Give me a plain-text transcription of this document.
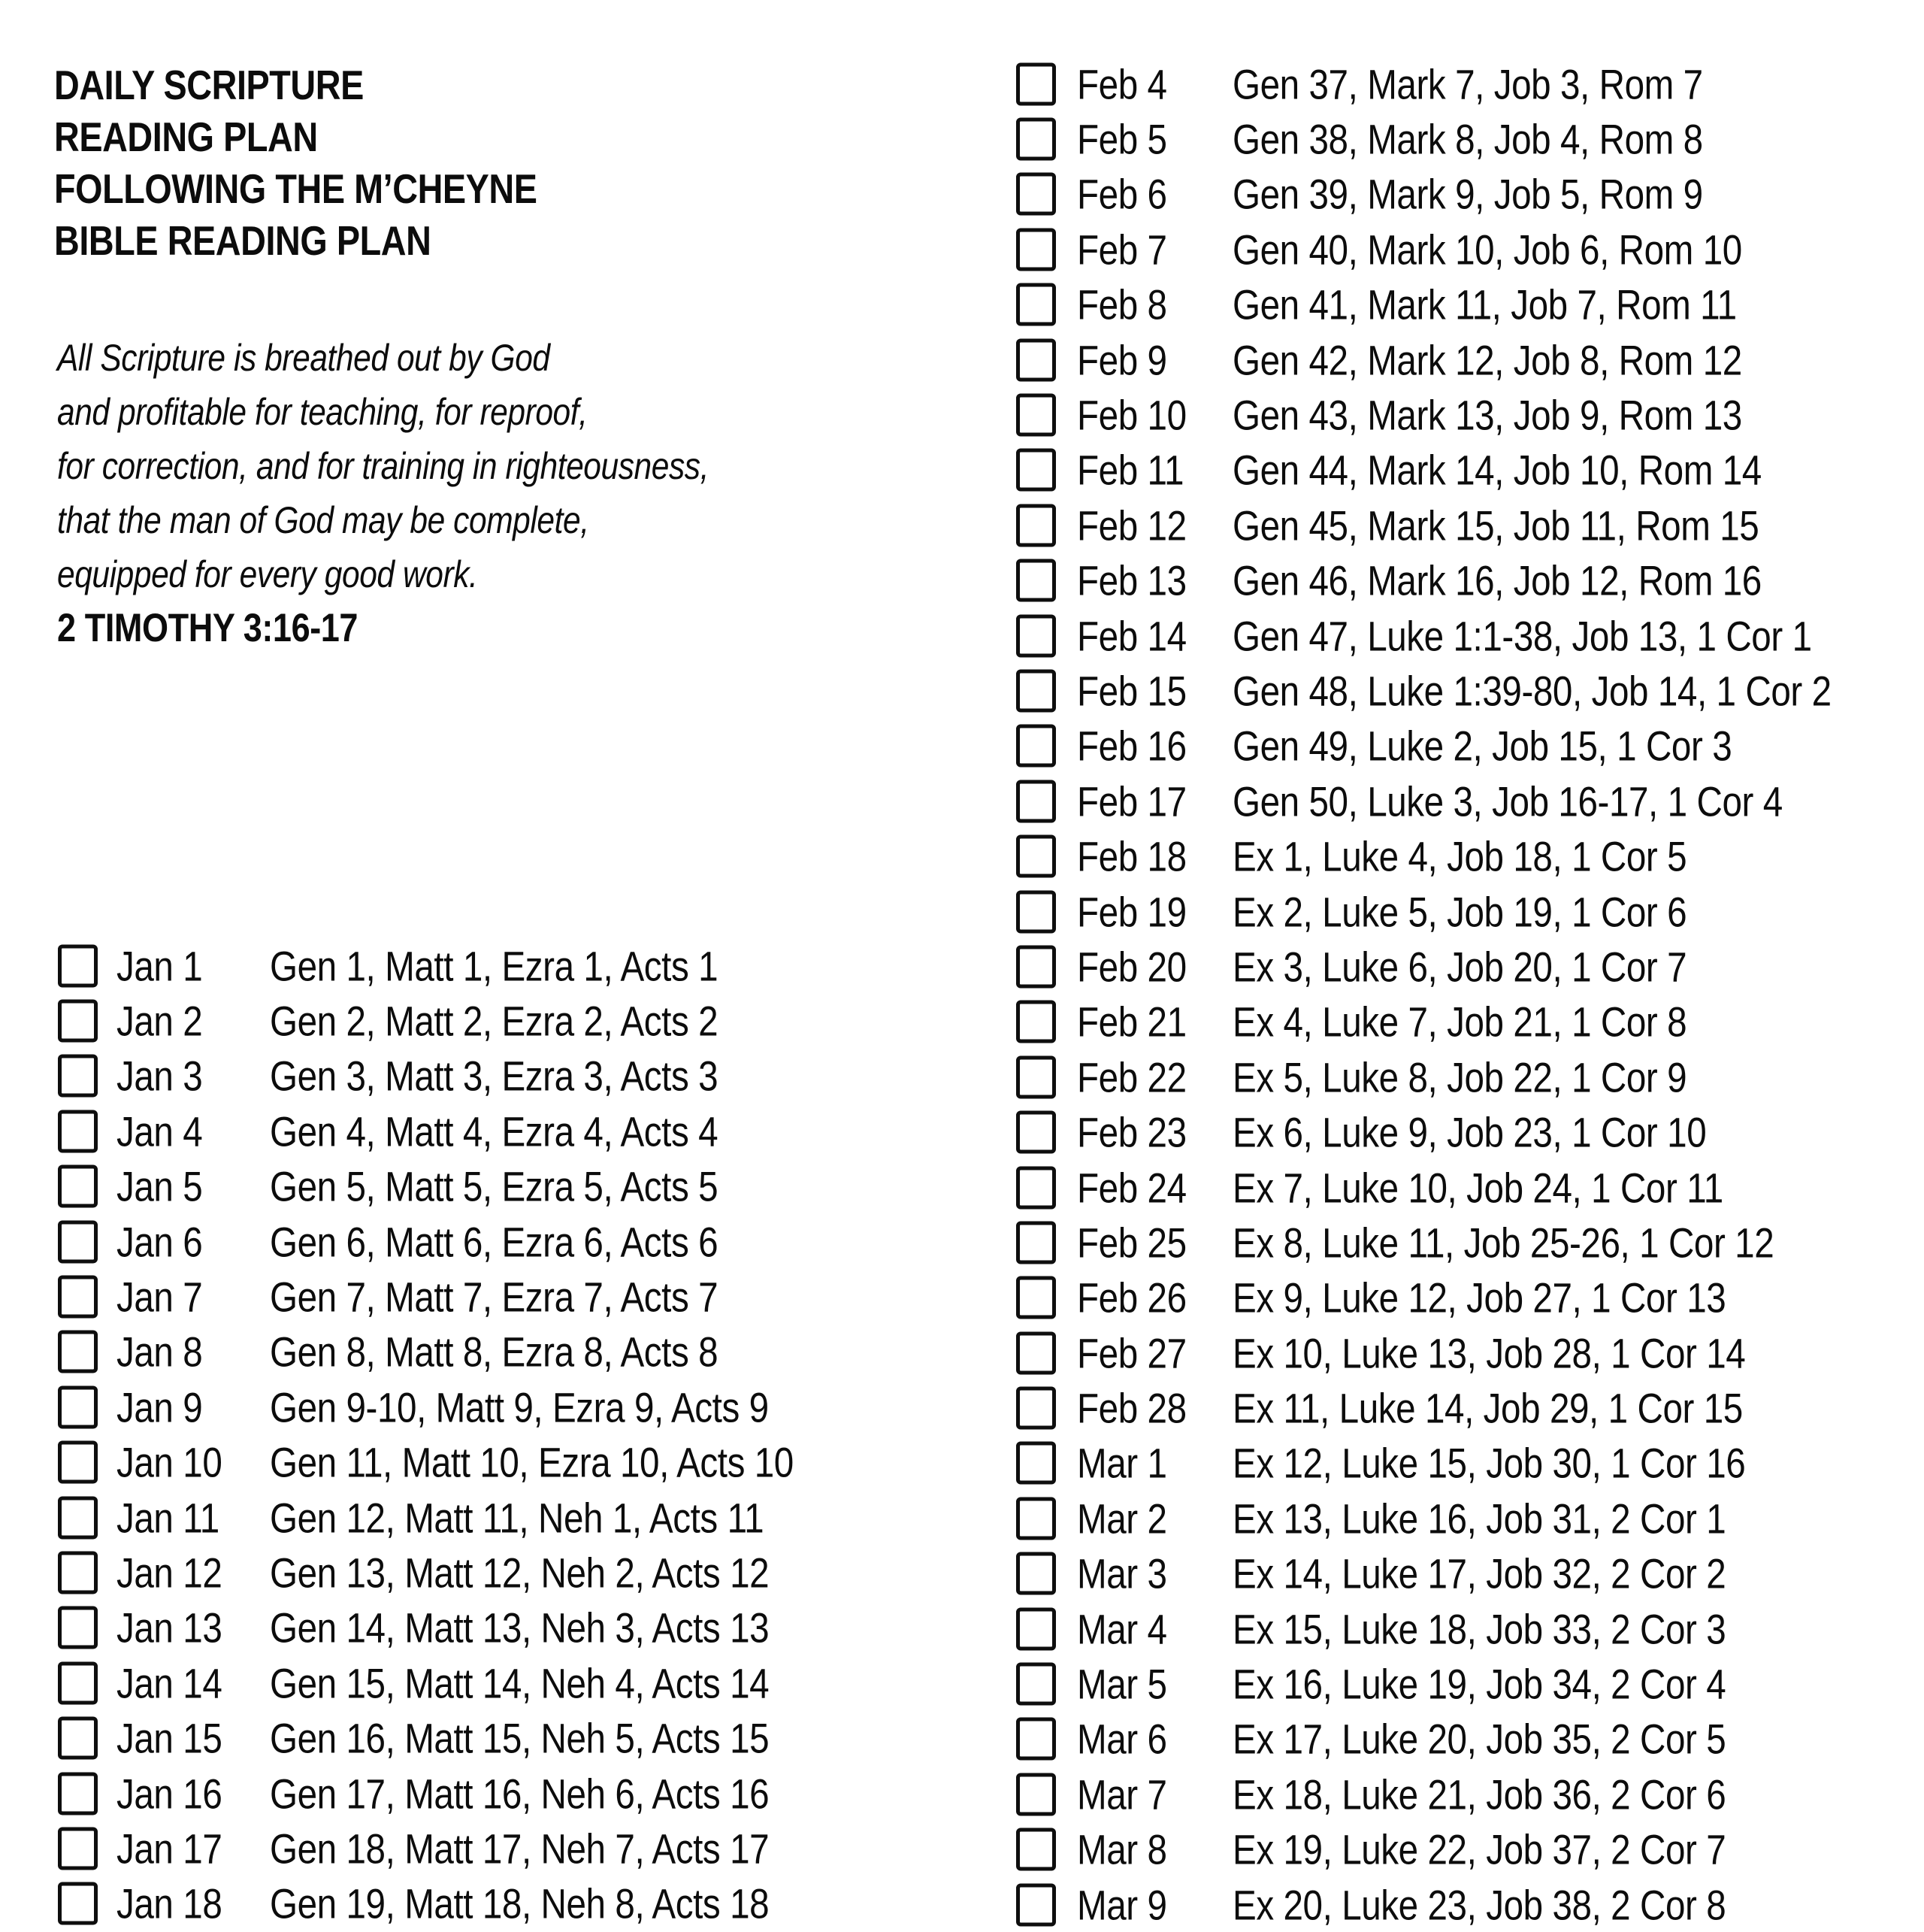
DAILY SCRIPTURE
READING PLAN
FOLLOWING THE M’CHEYNE
BIBLE READING PLAN
All Scripture is breathed out by God
and profitable for teaching, for reproof,
for correction, and for training in righteousness,
that the man of God may be complete,
equipped for every good work.
2 TIMOTHY 3:16-17
Jan 1 Gen 1, Matt 1, Ezra 1, Acts 1
Jan 2 Gen 2, Matt 2, Ezra 2, Acts 2
Jan 3 Gen 3, Matt 3, Ezra 3, Acts 3
Jan 4 Gen 4, Matt 4, Ezra 4, Acts 4
Jan 5 Gen 5, Matt 5, Ezra 5, Acts 5
Jan 6 Gen 6, Matt 6, Ezra 6, Acts 6
Jan 7 Gen 7, Matt 7, Ezra 7, Acts 7
Jan 8 Gen 8, Matt 8, Ezra 8, Acts 8
Jan 9 Gen 9-10, Matt 9, Ezra 9, Acts 9
Jan 10 Gen 11, Matt 10, Ezra 10, Acts 10
Jan 11 Gen 12, Matt 11, Neh 1, Acts 11
Jan 12 Gen 13, Matt 12, Neh 2, Acts 12
Jan 13 Gen 14, Matt 13, Neh 3, Acts 13
Jan 14 Gen 15, Matt 14, Neh 4, Acts 14
Jan 15 Gen 16, Matt 15, Neh 5, Acts 15
Jan 16 Gen 17, Matt 16, Neh 6, Acts 16
Jan 17 Gen 18, Matt 17, Neh 7, Acts 17
Jan 18 Gen 19, Matt 18, Neh 8, Acts 18
Feb 4 Gen 37, Mark 7, Job 3, Rom 7
Feb 5 Gen 38, Mark 8, Job 4, Rom 8
Feb 6 Gen 39, Mark 9, Job 5, Rom 9
Feb 7 Gen 40, Mark 10, Job 6, Rom 10
Feb 8 Gen 41, Mark 11, Job 7, Rom 11
Feb 9 Gen 42, Mark 12, Job 8, Rom 12
Feb 10 Gen 43, Mark 13, Job 9, Rom 13
Feb 11 Gen 44, Mark 14, Job 10, Rom 14
Feb 12 Gen 45, Mark 15, Job 11, Rom 15
Feb 13 Gen 46, Mark 16, Job 12, Rom 16
Feb 14 Gen 47, Luke 1:1-38, Job 13, 1 Cor 1
Feb 15 Gen 48, Luke 1:39-80, Job 14, 1 Cor 2
Feb 16 Gen 49, Luke 2, Job 15, 1 Cor 3
Feb 17 Gen 50, Luke 3, Job 16-17, 1 Cor 4
Feb 18 Ex 1, Luke 4, Job 18, 1 Cor 5
Feb 19 Ex 2, Luke 5, Job 19, 1 Cor 6
Feb 20 Ex 3, Luke 6, Job 20, 1 Cor 7
Feb 21 Ex 4, Luke 7, Job 21, 1 Cor 8
Feb 22 Ex 5, Luke 8, Job 22, 1 Cor 9
Feb 23 Ex 6, Luke 9, Job 23, 1 Cor 10
Feb 24 Ex 7, Luke 10, Job 24, 1 Cor 11
Feb 25 Ex 8, Luke 11, Job 25-26, 1 Cor 12
Feb 26 Ex 9, Luke 12, Job 27, 1 Cor 13
Feb 27 Ex 10, Luke 13, Job 28, 1 Cor 14
Feb 28 Ex 11, Luke 14, Job 29, 1 Cor 15
Mar 1 Ex 12, Luke 15, Job 30, 1 Cor 16
Mar 2 Ex 13, Luke 16, Job 31, 2 Cor 1
Mar 3 Ex 14, Luke 17, Job 32, 2 Cor 2
Mar 4 Ex 15, Luke 18, Job 33, 2 Cor 3
Mar 5 Ex 16, Luke 19, Job 34, 2 Cor 4
Mar 6 Ex 17, Luke 20, Job 35, 2 Cor 5
Mar 7 Ex 18, Luke 21, Job 36, 2 Cor 6
Mar 8 Ex 19, Luke 22, Job 37, 2 Cor 7
Mar 9 Ex 20, Luke 23, Job 38, 2 Cor 8
